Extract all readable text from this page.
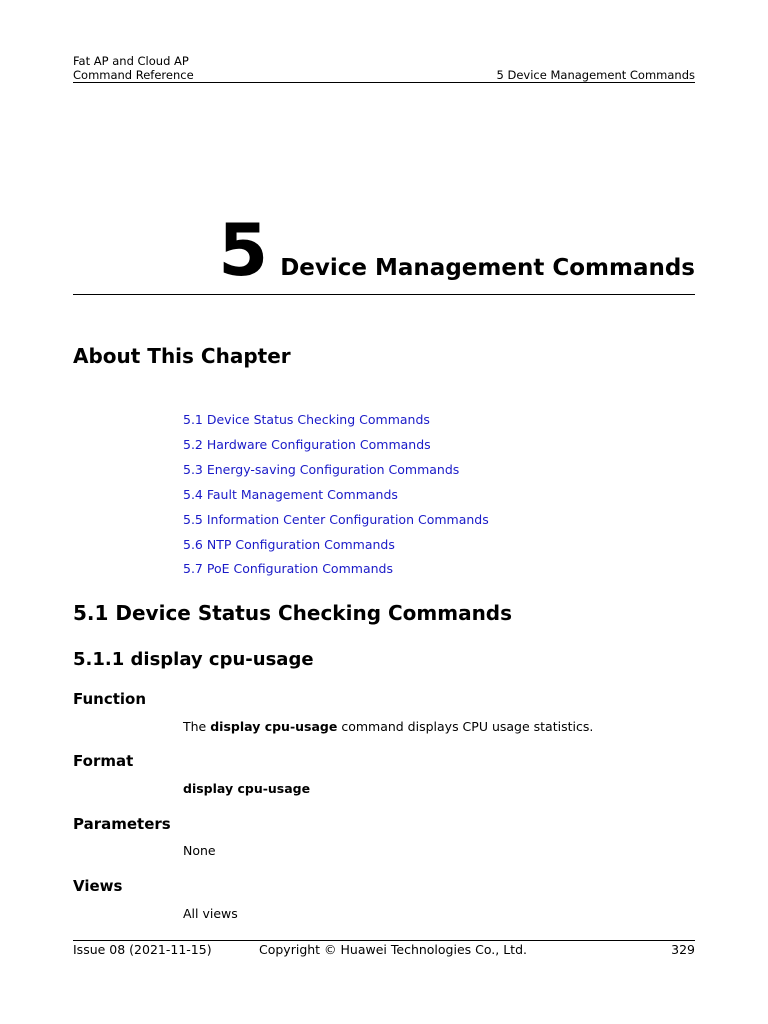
Fat AP and Cloud AP
Command Reference	5 Device Management Commands
5 Device Management Commands
About This Chapter
5.1 Device Status Checking Commands
5.2 Hardware Configuration Commands
5.3 Energy-saving Configuration Commands
5.4 Fault Management Commands
5.5 Information Center Configuration Commands
5.6 NTP Configuration Commands
5.7 PoE Configuration Commands
5.1 Device Status Checking Commands
5.1.1 display cpu-usage
Function
The display cpu-usage command displays CPU usage statistics.
Format
display cpu-usage
Parameters
None
Views
All views
Issue 08 (2021-11-15)	Copyright © Huawei Technologies Co., Ltd.	329
